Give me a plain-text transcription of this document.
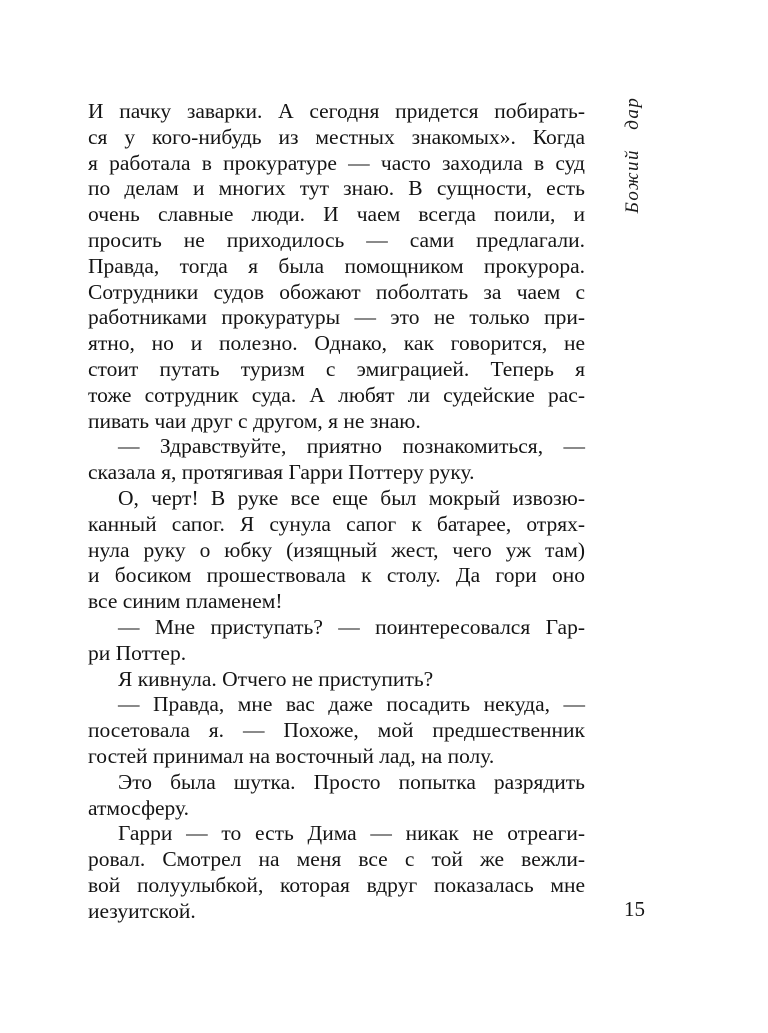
Божий дар
И пачку заварки. А сегодня придется побирать-
ся у кого-нибудь из местных знакомых». Когда
я работала в прокуратуре — часто заходила в суд
по делам и многих тут знаю. В сущности, есть
очень славные люди. И чаем всегда поили, и
просить не приходилось — сами предлагали.
Правда, тогда я была помощником прокурора.
Сотрудники судов обожают поболтать за чаем с
работниками прокуратуры — это не только при-
ятно, но и полезно. Однако, как говорится, не
стоит путать туризм с эмиграцией. Теперь я
тоже сотрудник суда. А любят ли судейские рас-
пивать чаи друг с другом, я не знаю.
— Здравствуйте, приятно познакомиться, —
сказала я, протягивая Гарри Поттеру руку.
О, черт! В руке все еще был мокрый извозю-
канный сапог. Я сунула сапог к батарее, отрях-
нула руку о юбку (изящный жест, чего уж там)
и босиком прошествовала к столу. Да гори оно
все синим пламенем!
— Мне приступать? — поинтересовался Гар-
ри Поттер.
Я кивнула. Отчего не приступить?
— Правда, мне вас даже посадить некуда, —
посетовала я. — Похоже, мой предшественник
гостей принимал на восточный лад, на полу.
Это была шутка. Просто попытка разрядить
атмосферу.
Гарри — то есть Дима — никак не отреаги-
ровал. Смотрел на меня все с той же вежли-
вой полуулыбкой, которая вдруг показалась мне
иезуитской.	15
